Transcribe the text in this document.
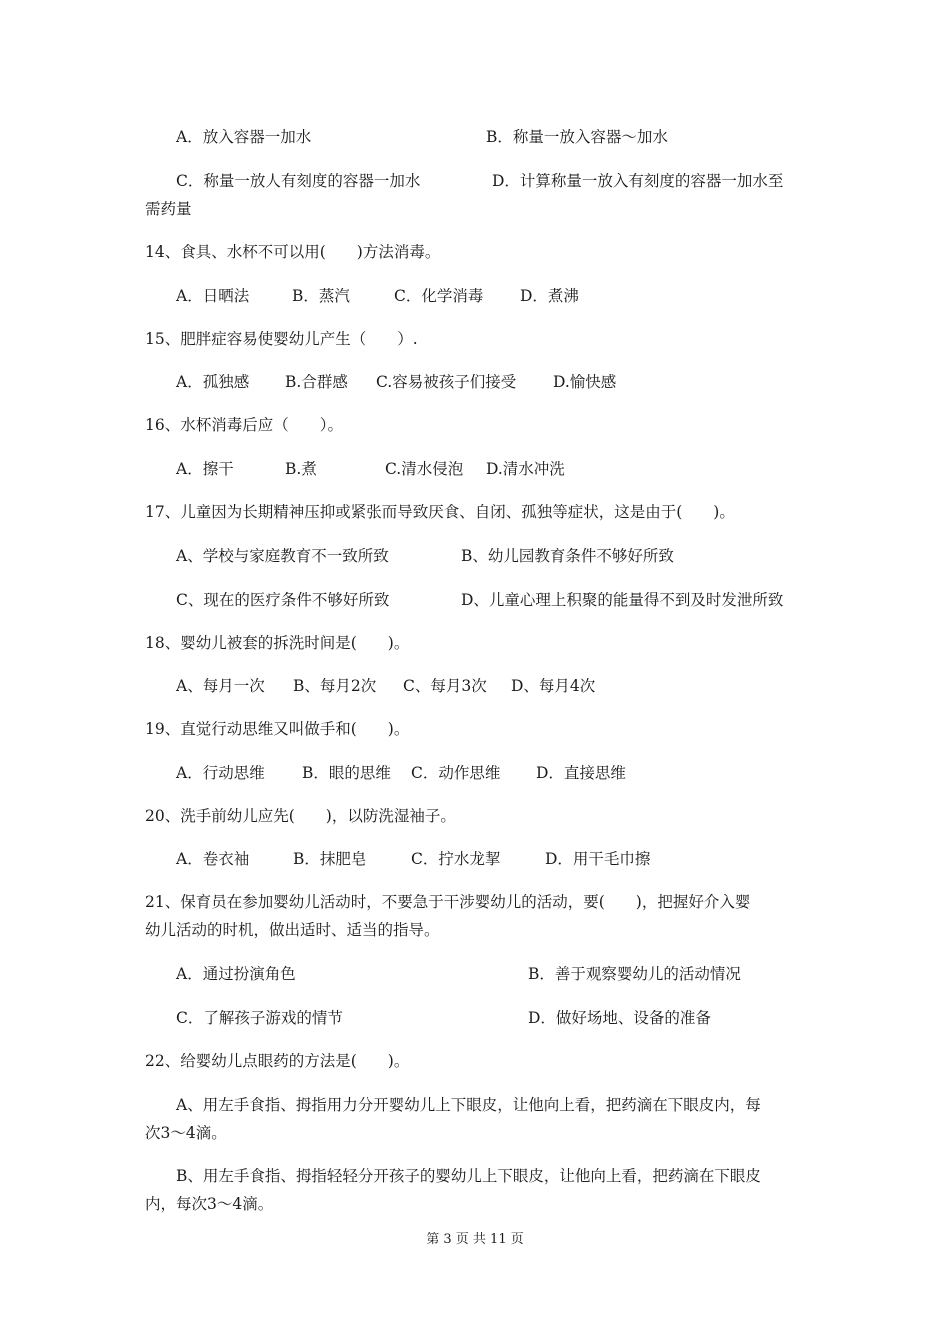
A．放入容器一加水	B．称量一放入容器～加水
C．称量一放人有刻度的容器一加水	D．计算称量一放入有刻度的容器一加水至
需药量
14、食具、水杯不可以用(　　)方法消毒。
A．日晒法	B．蒸汽	C．化学消毒 D．煮沸
15、肥胖症容易使婴幼儿产生（　　）.
A．孤独感 B.合群感 C.容易被孩子们接受 D.愉快感
16、水杯消毒后应（　　）。
A．擦干	B.煮	C.清水侵泡 D.清水冲洗
17、儿童因为长期精神压抑或紧张而导致厌食、自闭、孤独等症状，这是由于(　　)。
A、学校与家庭教育不一致所致	B、幼儿园教育条件不够好所致
C、现在的医疗条件不够好所致	D、儿童心理上积聚的能量得不到及时发泄所致
18、婴幼儿被套的拆洗时间是(　　)。
A、每月一次 B、每月2次 C、每月3次 D、每月4次
19、直觉行动思维又叫做手和(　　)。
A．行动思维 B．眼的思维 C．动作思维 D．直接思维
20、洗手前幼儿应先(　　)，以防洗湿袖子。
A．卷衣袖	B．抹肥皂	C．拧水龙挈	D．用干毛巾擦
21、保育员在参加婴幼儿活动时，不要急于干涉婴幼儿的活动，要(　　)，把握好介入婴
幼儿活动的时机，做出适时、适当的指导。
A．通过扮演角色	B．善于观察婴幼儿的活动情况
C．了解孩子游戏的情节	D．做好场地、设备的准备
22、给婴幼儿点眼药的方法是(　　)。
A、用左手食指、拇指用力分开婴幼儿上下眼皮，让他向上看，把药滴在下眼皮内，每
次3～4滴。
B、用左手食指、拇指轻轻分开孩子的婴幼儿上下眼皮，让他向上看，把药滴在下眼皮
内，每次3～4滴。
第 3 页 共 11 页
